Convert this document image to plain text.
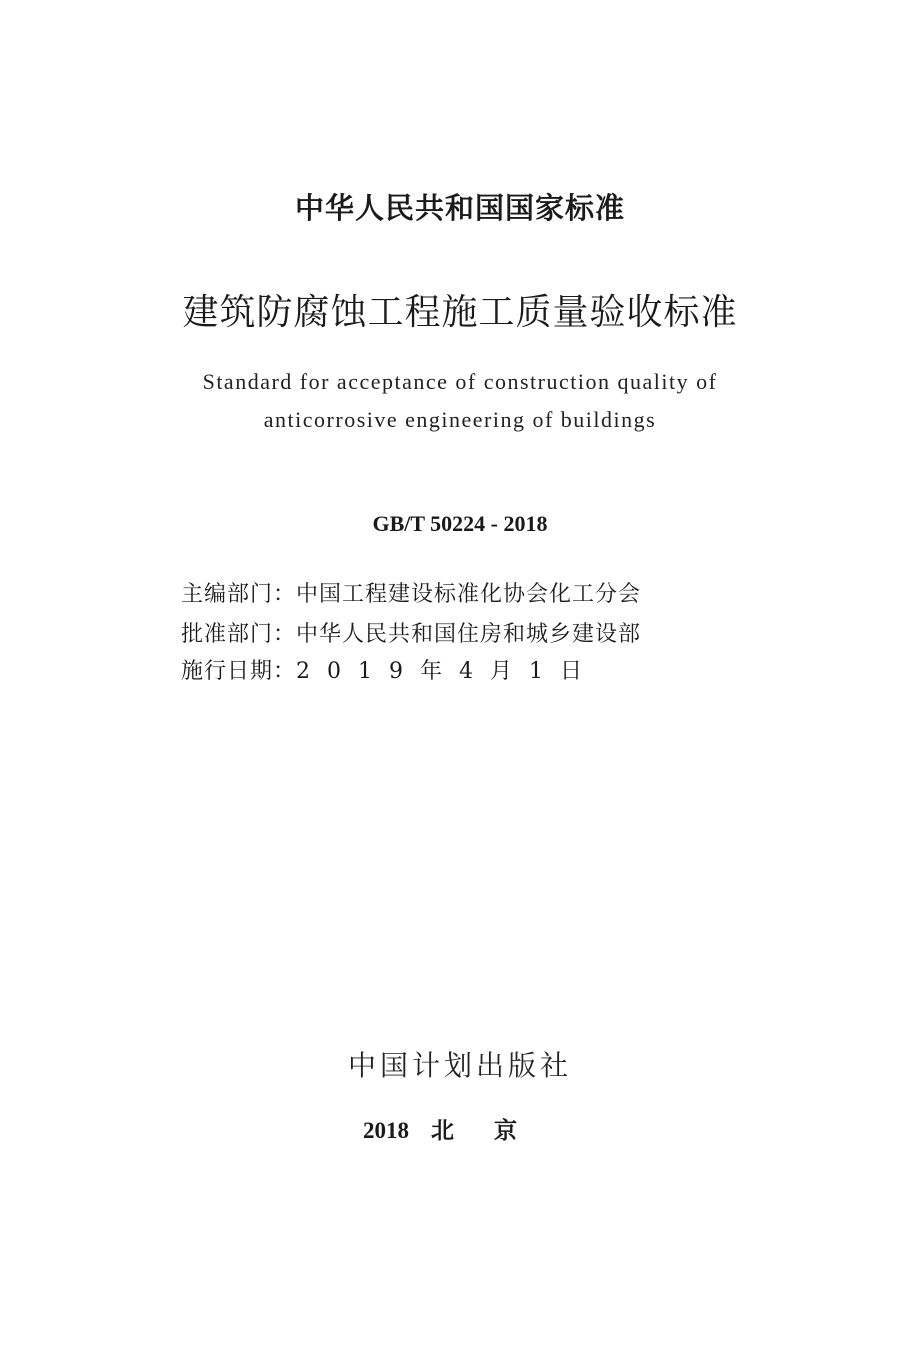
中华人民共和国国家标准
建筑防腐蚀工程施工质量验收标准
Standard for acceptance of construction quality of
anticorrosive engineering of buildings
GB/T 50224 - 2018
主编部门：中国工程建设标准化协会化工分会
批准部门：中华人民共和国住房和城乡建设部
施行日期：2019年4月1日
中国计划出版社
2018 北京
